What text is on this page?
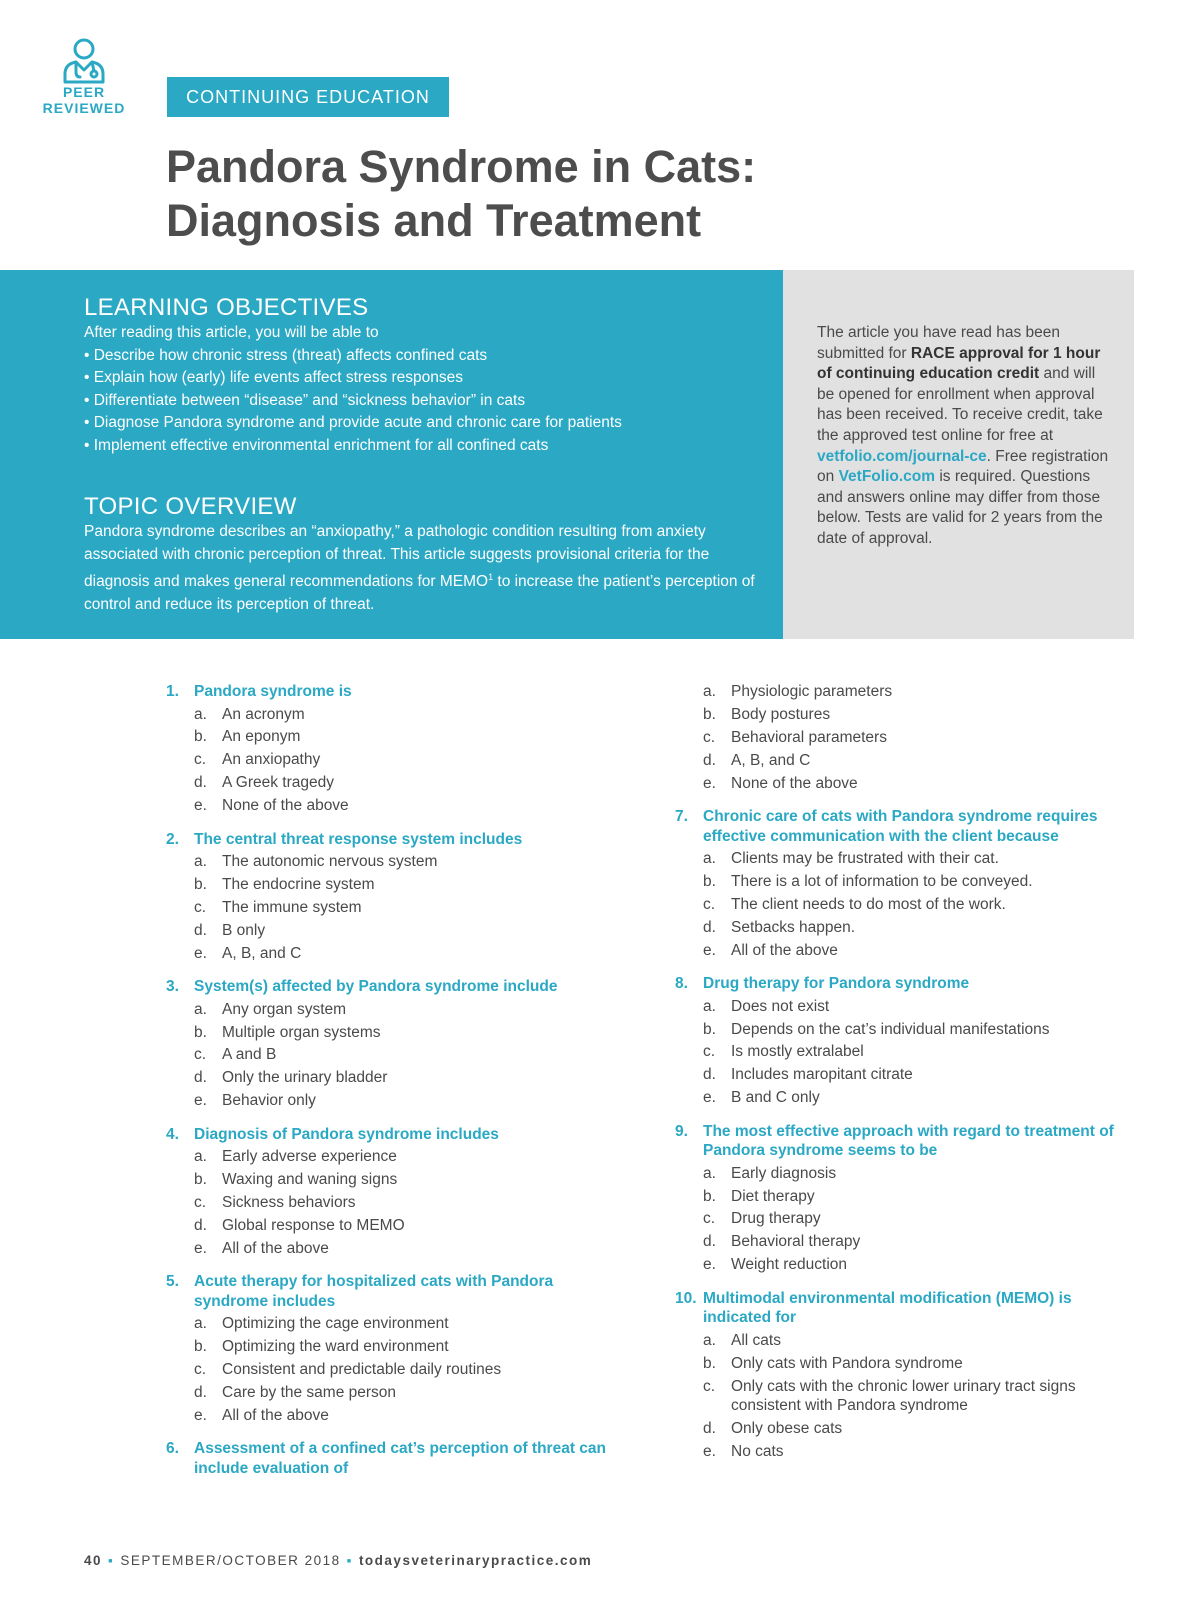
PEER
REVIEWED
CONTINUING EDUCATION
Pandora Syndrome in Cats:
Diagnosis and Treatment
LEARNING OBJECTIVES

After reading this article, you will be able to

• Describe how chronic stress (threat) affects confined cats
• Explain how (early) life events affect stress responses
• Differentiate between “disease” and “sickness behavior” in cats
• Diagnose Pandora syndrome and provide acute and chronic care for patients
• Implement effective environmental enrichment for all confined cats
TOPIC OVERVIEW

Pandora syndrome describes an “anxiopathy,” a pathologic condition resulting from anxiety associated with chronic perception of threat. This article suggests provisional criteria for the diagnosis and makes general recommendations for MEMO$^1$ to increase the patient’s perception of control and reduce its perception of threat.

The article you have read has been submitted for RACE approval for 1 hour of continuing education credit and will be opened for enrollment when approval has been received. To receive credit, take the approved test online for free at vetfolio.com/journal-ce. Free registration on VetFolio.com is required. Questions and answers online may differ from those below. Tests are valid for 2 years from the date of approval.

1. Pandora syndrome is
a. An acronym
b. An eponym
c.	An anxiopathy
d. A Greek tragedy
e. None of the above
2. The central threat response system includes
a. The autonomic nervous system
b. The endocrine system
c.	The immune system
d. B only
e. A, B, and C
3. System(s) affected by Pandora syndrome include
a. Any organ system
b. Multiple organ systems
c.	A and B
d. Only the urinary bladder
e. Behavior only
4. Diagnosis of Pandora syndrome includes
a. Early adverse experience
b. Waxing and waning signs
c.	Sickness behaviors
d. Global response to MEMO
e. All of the above
5. Acute therapy for hospitalized cats with Pandora syndrome includes
a. Optimizing the cage environment
b. Optimizing the ward environment
c.	Consistent and predictable daily routines
d. Care by the same person
e. All of the above
6. Assessment of a confined cat’s perception of threat can include evaluation of
a. Physiologic parameters
b. Body postures
c.	Behavioral parameters
d. A, B, and C
e. None of the above
7. Chronic care of cats with Pandora syndrome requires effective communication with the client because
a. Clients may be frustrated with their cat.
b. There is a lot of information to be conveyed.
c.	The client needs to do most of the work.
d. Setbacks happen.
e. All of the above
8. Drug therapy for Pandora syndrome
a. Does not exist
b. Depends on the cat’s individual manifestations
c.	Is mostly extralabel
d. Includes maropitant citrate
e. B and C only
9. The most effective approach with regard to treatment of Pandora syndrome seems to be
a. Early diagnosis
b. Diet therapy
c.	Drug therapy
d. Behavioral therapy
e. Weight reduction
10. Multimodal environmental modification (MEMO) is indicated for
a. All cats
b. Only cats with Pandora syndrome
c.	Only cats with the chronic lower urinary tract signs consistent with Pandora syndrome
d. Only obese cats
e. No cats
40 ▪ SEPTEMBER/OCTOBER 2018 ▪ todaysveterinarypractice.com
